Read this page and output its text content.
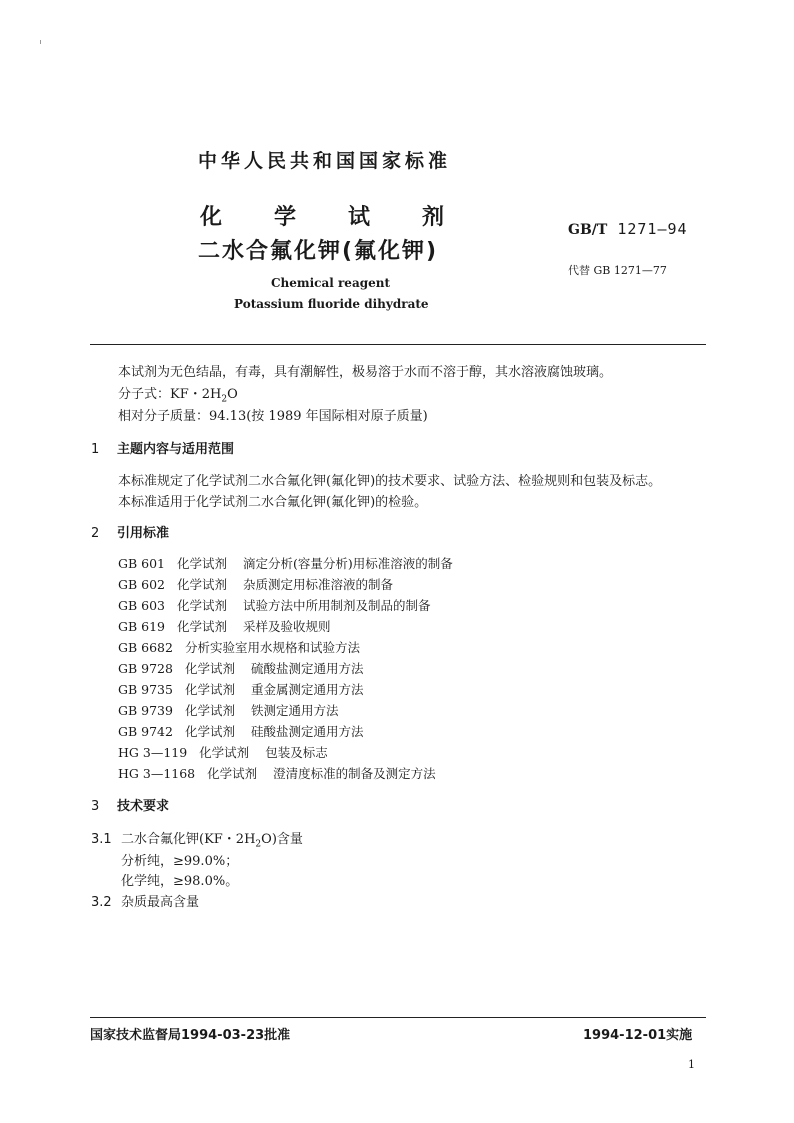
中华人民共和国国家标准
化 学 试 剂
二水合氟化钾(氟化钾)
Chemical reagent
Potassium fluoride dihydrate
GB/T 1271—94
代替 GB 1271—77
本试剂为无色结晶，有毒，具有潮解性，极易溶于水而不溶于醇，其水溶液腐蚀玻璃。
分子式：KF・$2H_2O$
相对分子质量：94.13(按 1989 年国际相对原子质量)
1 主题内容与适用范围
本标准规定了化学试剂二水合氟化钾(氟化钾)的技术要求、试验方法、检验规则和包装及标志。
本标准适用于化学试剂二水合氟化钾(氟化钾)的检验。
2 引用标准
GB 601 化学试剂 滴定分析(容量分析)用标准溶液的制备
GB 602 化学试剂 杂质测定用标准溶液的制备
GB 603 化学试剂 试验方法中所用制剂及制品的制备
GB 619 化学试剂 采样及验收规则
GB 6682 分析实验室用水规格和试验方法
GB 9728 化学试剂 硫酸盐测定通用方法
GB 9735 化学试剂 重金属测定通用方法
GB 9739 化学试剂 铁测定通用方法
GB 9742 化学试剂 硅酸盐测定通用方法
HG 3—119 化学试剂 包装及标志
HG 3—1168 化学试剂 澄清度标准的制备及测定方法
3 技术要求
3.1 二水合氟化钾(KF・$2H_2O$)含量
分析纯，≥99.0%；
化学纯，≥98.0%。
3.2 杂质最高含量
国家技术监督局1994-03-23批准	1994-12-01实施
1
